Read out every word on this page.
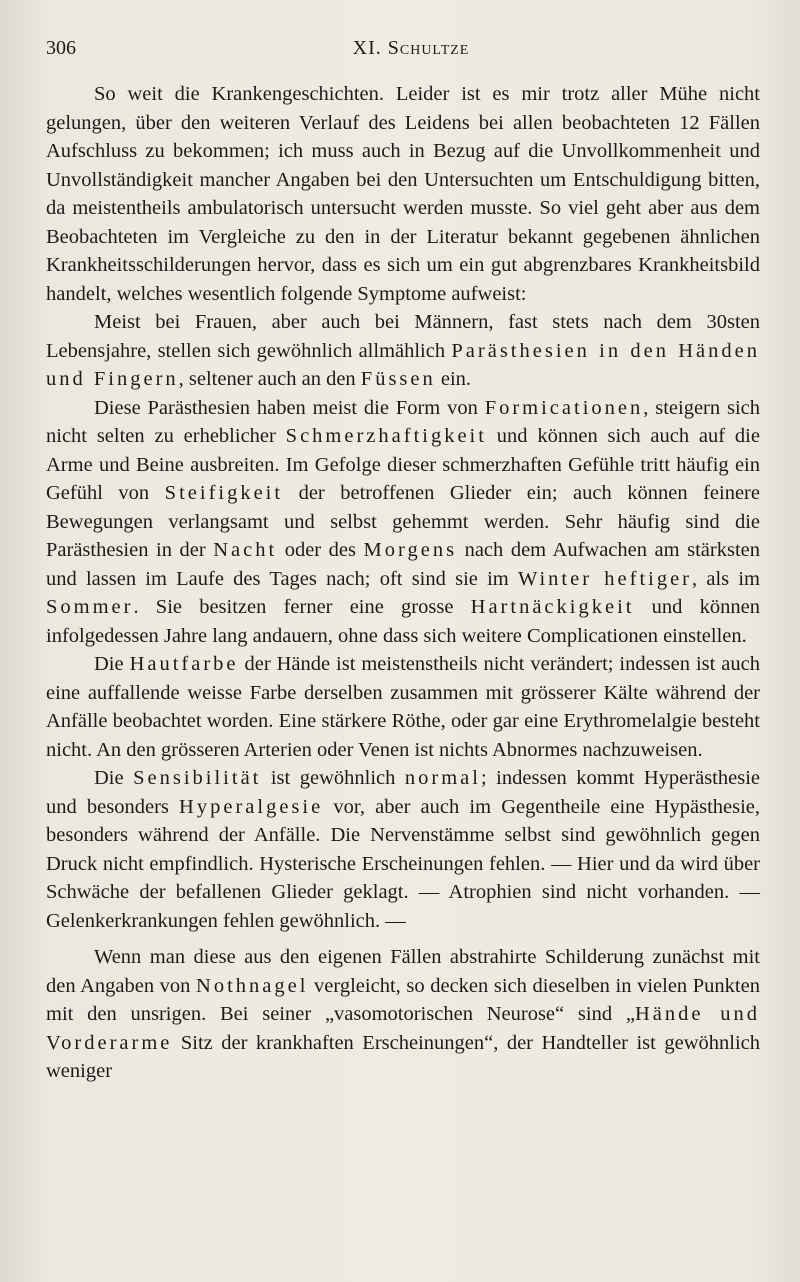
306	XI. Schultze

So weit die Krankengeschichten. Leider ist es mir trotz aller Mühe nicht gelungen, über den weiteren Verlauf des Leidens bei allen beobachteten 12 Fällen Aufschluss zu bekommen; ich muss auch in Bezug auf die Unvollkommenheit und Unvollständigkeit mancher Angaben bei den Untersuchten um Entschuldigung bitten, da meistentheils ambulatorisch untersucht werden musste. So viel geht aber aus dem Beobachteten im Vergleiche zu den in der Literatur bekannt gegebenen ähnlichen Krankheitsschilderungen hervor, dass es sich um ein gut abgrenzbares Krankheitsbild handelt, welches wesentlich folgende Symptome aufweist:

Meist bei Frauen, aber auch bei Männern, fast stets nach dem 30sten Lebensjahre, stellen sich gewöhnlich allmählich Parästhesien in den Händen und Fingern, seltener auch an den Füssen ein.

Diese Parästhesien haben meist die Form von Formicationen, steigern sich nicht selten zu erheblicher Schmerzhaftigkeit und können sich auch auf die Arme und Beine ausbreiten. Im Gefolge dieser schmerzhaften Gefühle tritt häufig ein Gefühl von Steifigkeit der betroffenen Glieder ein; auch können feinere Bewegungen verlangsamt und selbst gehemmt werden. Sehr häufig sind die Parästhesien in der Nacht oder des Morgens nach dem Aufwachen am stärksten und lassen im Laufe des Tages nach; oft sind sie im Winter heftiger, als im Sommer. Sie besitzen ferner eine grosse Hartnäckigkeit und können infolgedessen Jahre lang andauern, ohne dass sich weitere Complicationen einstellen.

Die Hautfarbe der Hände ist meistenstheils nicht verändert; indessen ist auch eine auffallende weisse Farbe derselben zusammen mit grösserer Kälte während der Anfälle beobachtet worden. Eine stärkere Röthe, oder gar eine Erythromelalgie besteht nicht. An den grösseren Arterien oder Venen ist nichts Abnormes nachzuweisen.

Die Sensibilität ist gewöhnlich normal; indessen kommt Hyperästhesie und besonders Hyperalgesie vor, aber auch im Gegentheile eine Hypästhesie, besonders während der Anfälle. Die Nervenstämme selbst sind gewöhnlich gegen Druck nicht empfindlich. Hysterische Erscheinungen fehlen. — Hier und da wird über Schwäche der befallenen Glieder geklagt. — Atrophien sind nicht vorhanden. — Gelenkerkrankungen fehlen gewöhnlich. —

Wenn man diese aus den eigenen Fällen abstrahirte Schilderung zunächst mit den Angaben von Nothnagel vergleicht, so decken sich dieselben in vielen Punkten mit den unsrigen. Bei seiner „vasomotorischen Neurose“ sind „Hände und Vorderarme Sitz der krankhaften Erscheinungen“, der Handteller ist gewöhnlich weniger
